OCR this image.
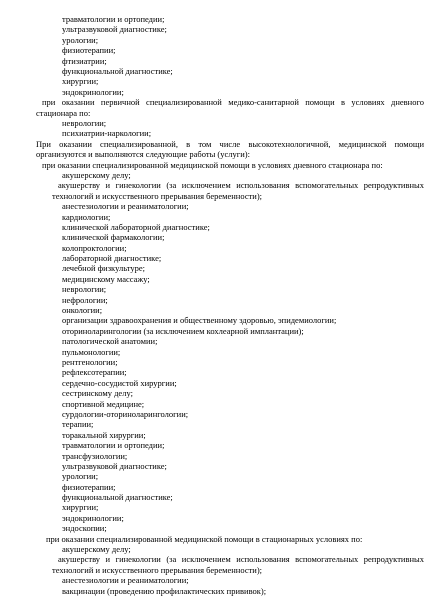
травматологии и ортопедии;
ультразвуковой диагностике;
урологии;
физиотерапии;
фтизиатрии;
функциональной диагностике;
хирургии;
эндокринологии;
при оказании первичной специализированной медико-санитарной помощи в условиях дневного стационара по:
неврологии;
психиатрии-наркологии;
При оказании специализированной, в том числе высокотехнологичной, медицинской помощи организуются и выполняются следующие работы (услуги):
при оказании специализированной медицинской помощи в условиях дневного стационара по:
акушерскому делу;
акушерству и гинекологии (за исключением использования вспомогательных репродуктивных технологий и искусственного прерывания беременности);
анестезиологии и реаниматологии;
кардиологии;
клинической лабораторной диагностике;
клинической фармакологии;
колопроктологии;
лабораторной диагностике;
лечебной физкультуре;
медицинскому массажу;
неврологии;
нефрологии;
онкологии;
организации здравоохранения и общественному здоровью, эпидемиологии;
оториноларингологии (за исключением кохлеарной имплантации);
патологической анатомии;
пульмонологии;
рентгенологии;
рефлексотерапии;
сердечно-сосудистой хирургии;
сестринскому делу;
спортивной медицине;
сурдологии-оториноларингологии;
терапии;
торакальной хирургии;
травматологии и ортопедии;
трансфузиологии;
ультразвуковой диагностике;
урологии;
физиотерапии;
функциональной диагностике;
хирургии;
эндокринологии;
эндоскопии;
при оказании специализированной медицинской помощи в стационарных условиях по:
акушерскому делу;
акушерству и гинекологии (за исключением использования вспомогательных репродуктивных технологий и искусственного прерывания беременности);
анестезиологии и реаниматологии;
вакцинации (проведению профилактических прививок);
